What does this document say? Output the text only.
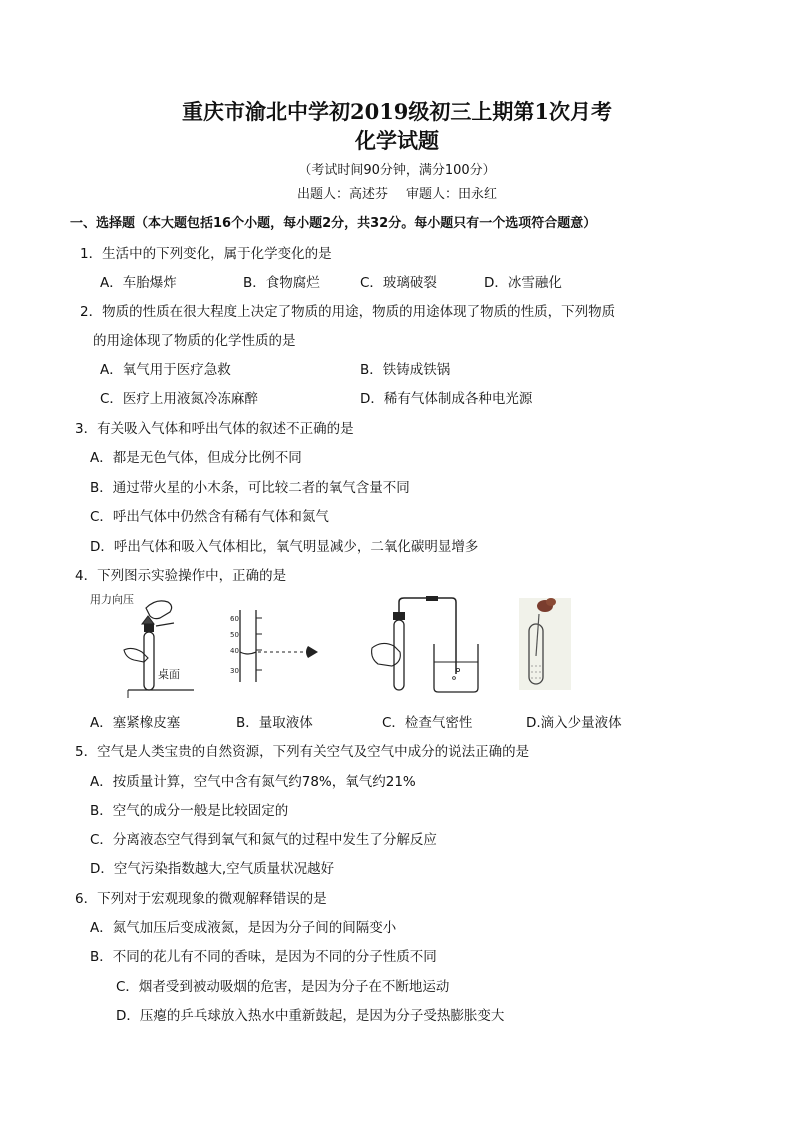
重庆市渝北中学初2019级初三上期第1次月考
化学试题
（考试时间90分钟，满分100分）
出题人：高述芬 审题人：田永红
一、选择题（本大题包括16个小题，每小题2分，共32分。每小题只有一个选项符合题意）
1．生活中的下列变化，属于化学变化的是
A．车胎爆炸	B．食物腐烂	C．玻璃破裂	D．冰雪融化
2．物质的性质在很大程度上决定了物质的用途，物质的用途体现了物质的性质，下列物质
的用途体现了物质的化学性质的是
A．氧气用于医疗急救	B．铁铸成铁锅
C．医疗上用液氮冷冻麻醉	D．稀有气体制成各种电光源
3．有关吸入气体和呼出气体的叙述不正确的是
A．都是无色气体，但成分比例不同
B．通过带火星的小木条，可比较二者的氧气含量不同
C．呼出气体中仍然含有稀有气体和氮气
D．呼出气体和吸入气体相比，氧气明显减少，二氧化碳明显增多
4．下列图示实验操作中，正确的是
用力向压
桌面
60
50
40
30
A．塞紧橡皮塞	B．量取液体	C．检查气密性	D.滴入少量液体
5．空气是人类宝贵的自然资源，下列有关空气及空气中成分的说法正确的是
A．按质量计算，空气中含有氮气约78%，氧气约21%
B．空气的成分一般是比较固定的
C．分离液态空气得到氧气和氮气的过程中发生了分解反应
D．空气污染指数越大,空气质量状况越好
6．下列对于宏观现象的微观解释错误的是
A．氮气加压后变成液氮，是因为分子间的间隔变小
B．不同的花儿有不同的香味，是因为不同的分子性质不同
C．烟者受到被动吸烟的危害，是因为分子在不断地运动
D．压瘪的乒乓球放入热水中重新鼓起，是因为分子受热膨胀变大
